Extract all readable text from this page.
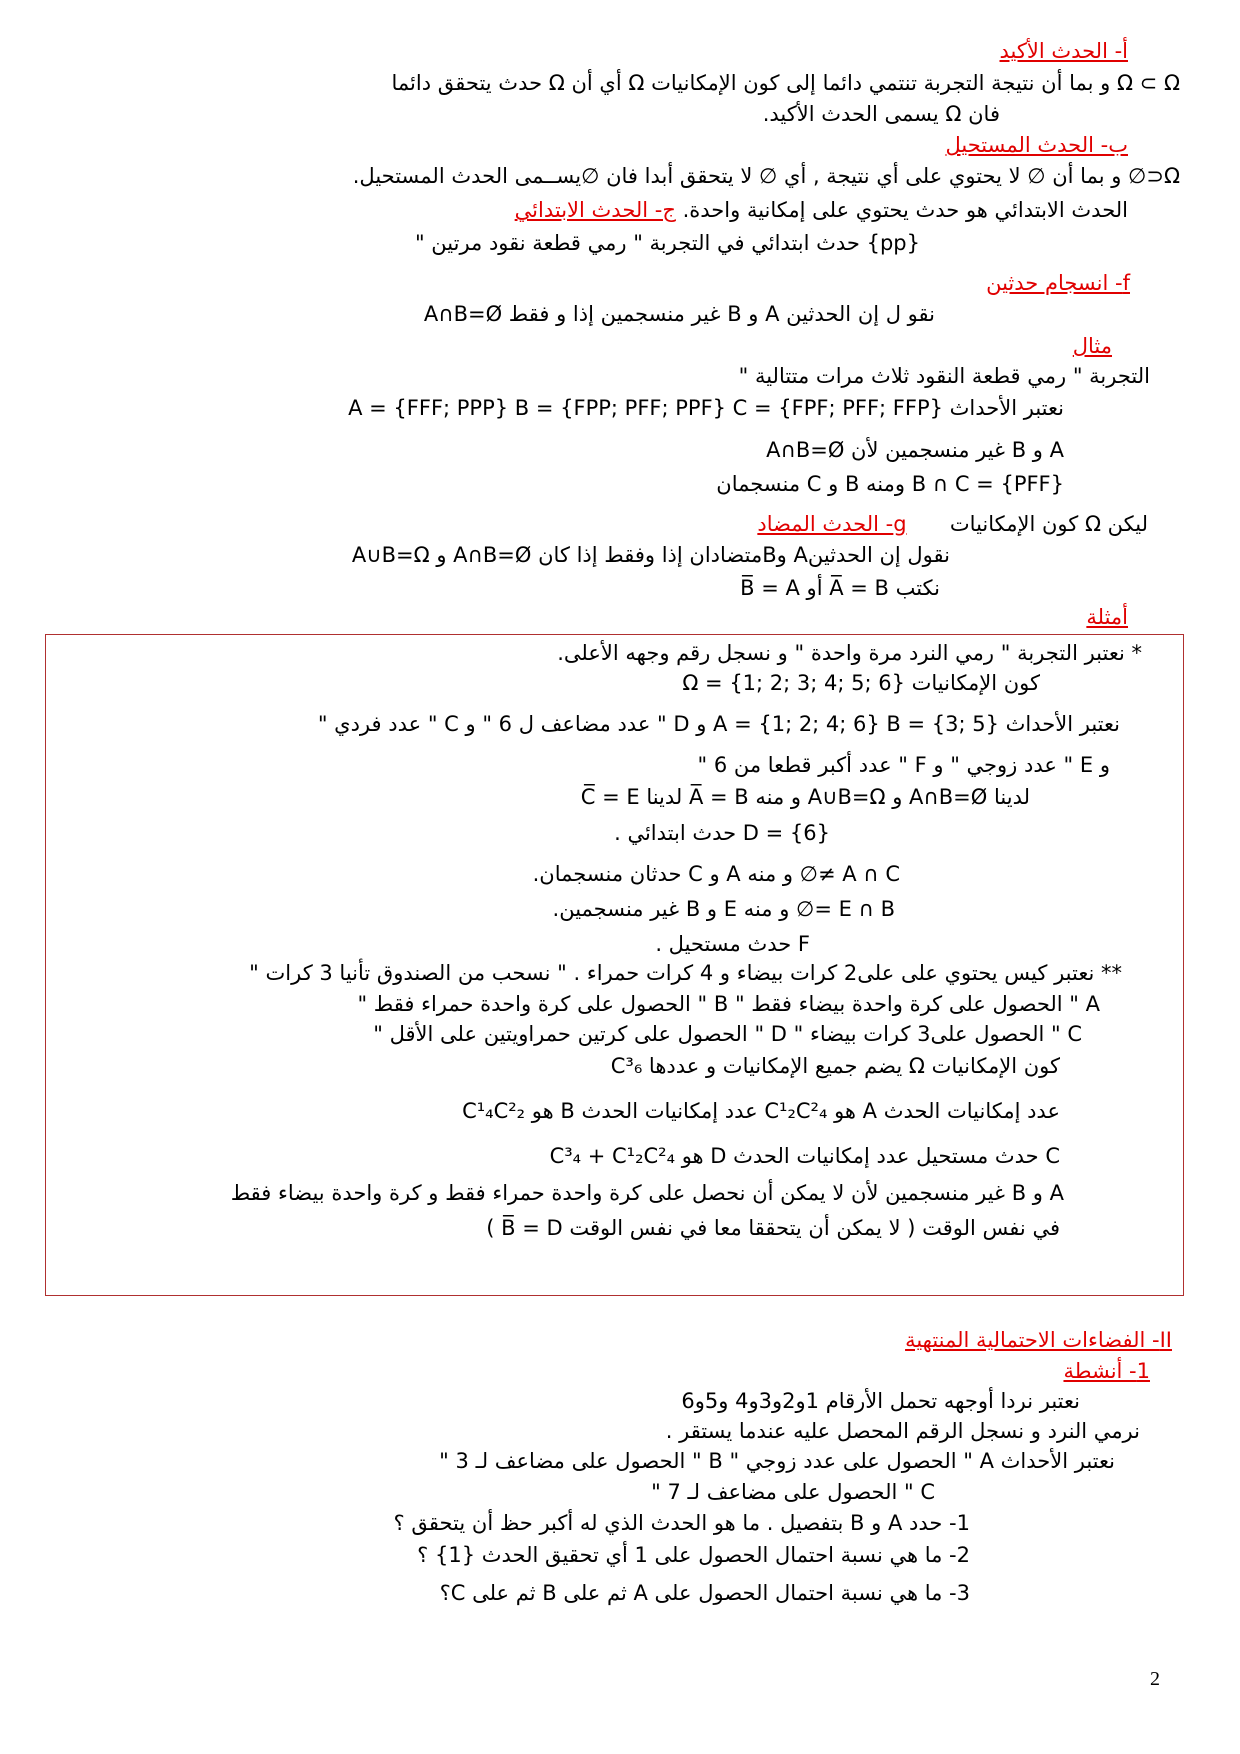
أ- الحدث الأكيد
Ω ⊂ Ω و بما أن نتيجة التجربة تنتمي دائما إلى كون الإمكانيات Ω أي أن Ω حدث يتحقق دائما
فان Ω يسمى الحدث الأكيد.
ب- الحدث المستحيل
Ω⊂∅ و بما أن ∅ لا يحتوي على أي نتيجة , أي ∅ لا يتحقق أبدا فان ∅يســمى الحدث المستحيل.
الحدث الابتدائي هو حدث يحتوي على إمكانية واحدة. ج- الحدث الابتدائي
{pp} حدث ابتدائي في التجربة " رمي قطعة نقود مرتين "
f- انسجام حدثين
نقو ل إن الحدثين A و B غير منسجمين إذا و فقط A∩B=Ø
مثال
التجربة " رمي قطعة النقود ثلاث مرات متتالية "
نعتبر الأحداث A = {FFF; PPP} B = {FPP; PFF; PPF} C = {FPF; PFF; FFP}
A و B غير منسجمين لأن A∩B=Ø
B ∩ C = {PFF} ومنه B و C منسجمان
ليكن Ω كون الإمكانيات  g- الحدث المضاد
نقول إن الحدثينA وBمتضادان إذا وفقط إذا كان A∩B=Ø و A∪B=Ω
نكتب A̅ = B أو B̅ = A
أمثلة
* نعتبر التجربة " رمي النرد مرة واحدة " و نسجل رقم وجهه الأعلى.
كون الإمكانيات Ω = {1; 2; 3; 4; 5; 6}
نعتبر الأحداث A = {1; 2; 4; 6} B = {3; 5} و D " عدد مضاعف ل 6 " و C " عدد فردي "
و E " عدد زوجي " و F " عدد أكبر قطعا من 6 "
لدينا A∩B=Ø و A∪B=Ω و منه A̅ = B لدينا C̅ = E
D = {6} حدث ابتدائي .
A ∩ C ≠∅ و منه A و C حدثان منسجمان.
E ∩ B =∅ و منه E و B غير منسجمين.
F حدث مستحيل .
** نعتبر كيس يحتوي على على2 كرات بيضاء و 4 كرات حمراء . " نسحب من الصندوق تأنيا 3 كرات "
A " الحصول على كرة واحدة بيضاء فقط " B " الحصول على كرة واحدة حمراء فقط "
C " الحصول على3 كرات بيضاء " D " الحصول على كرتين حمراويتين على الأقل "
كون الإمكانيات Ω يضم جميع الإمكانيات و عددها C³₆
عدد إمكانيات الحدث A هو C¹₂C²₄ عدد إمكانيات الحدث B هو C¹₄C²₂
C حدث مستحيل عدد إمكانيات الحدث D هو C³₄ + C¹₂C²₄
A و B غير منسجمين لأن لا يمكن أن نحصل على كرة واحدة حمراء فقط و كرة واحدة بيضاء فقط
في نفس الوقت ( لا يمكن أن يتحققا معا في نفس الوقت B̅ = D )
II- الفضاءات الاحتمالية المنتهية
1- أنشطة
نعتبر نردا أوجهه تحمل الأرقام 1و2و3و4 و5و6
نرمي النرد و نسجل الرقم المحصل عليه عندما يستقر .
نعتبر الأحداث A " الحصول على عدد زوجي " B " الحصول على مضاعف لـ 3 "
C " الحصول على مضاعف لـ 7 "
1- حدد A و B بتفصيل . ما هو الحدث الذي له أكبر حظ أن يتحقق ؟
2- ما هي نسبة احتمال الحصول على 1 أي تحقيق الحدث {1} ؟
3- ما هي نسبة احتمال الحصول على A ثم على B ثم على C؟
2
